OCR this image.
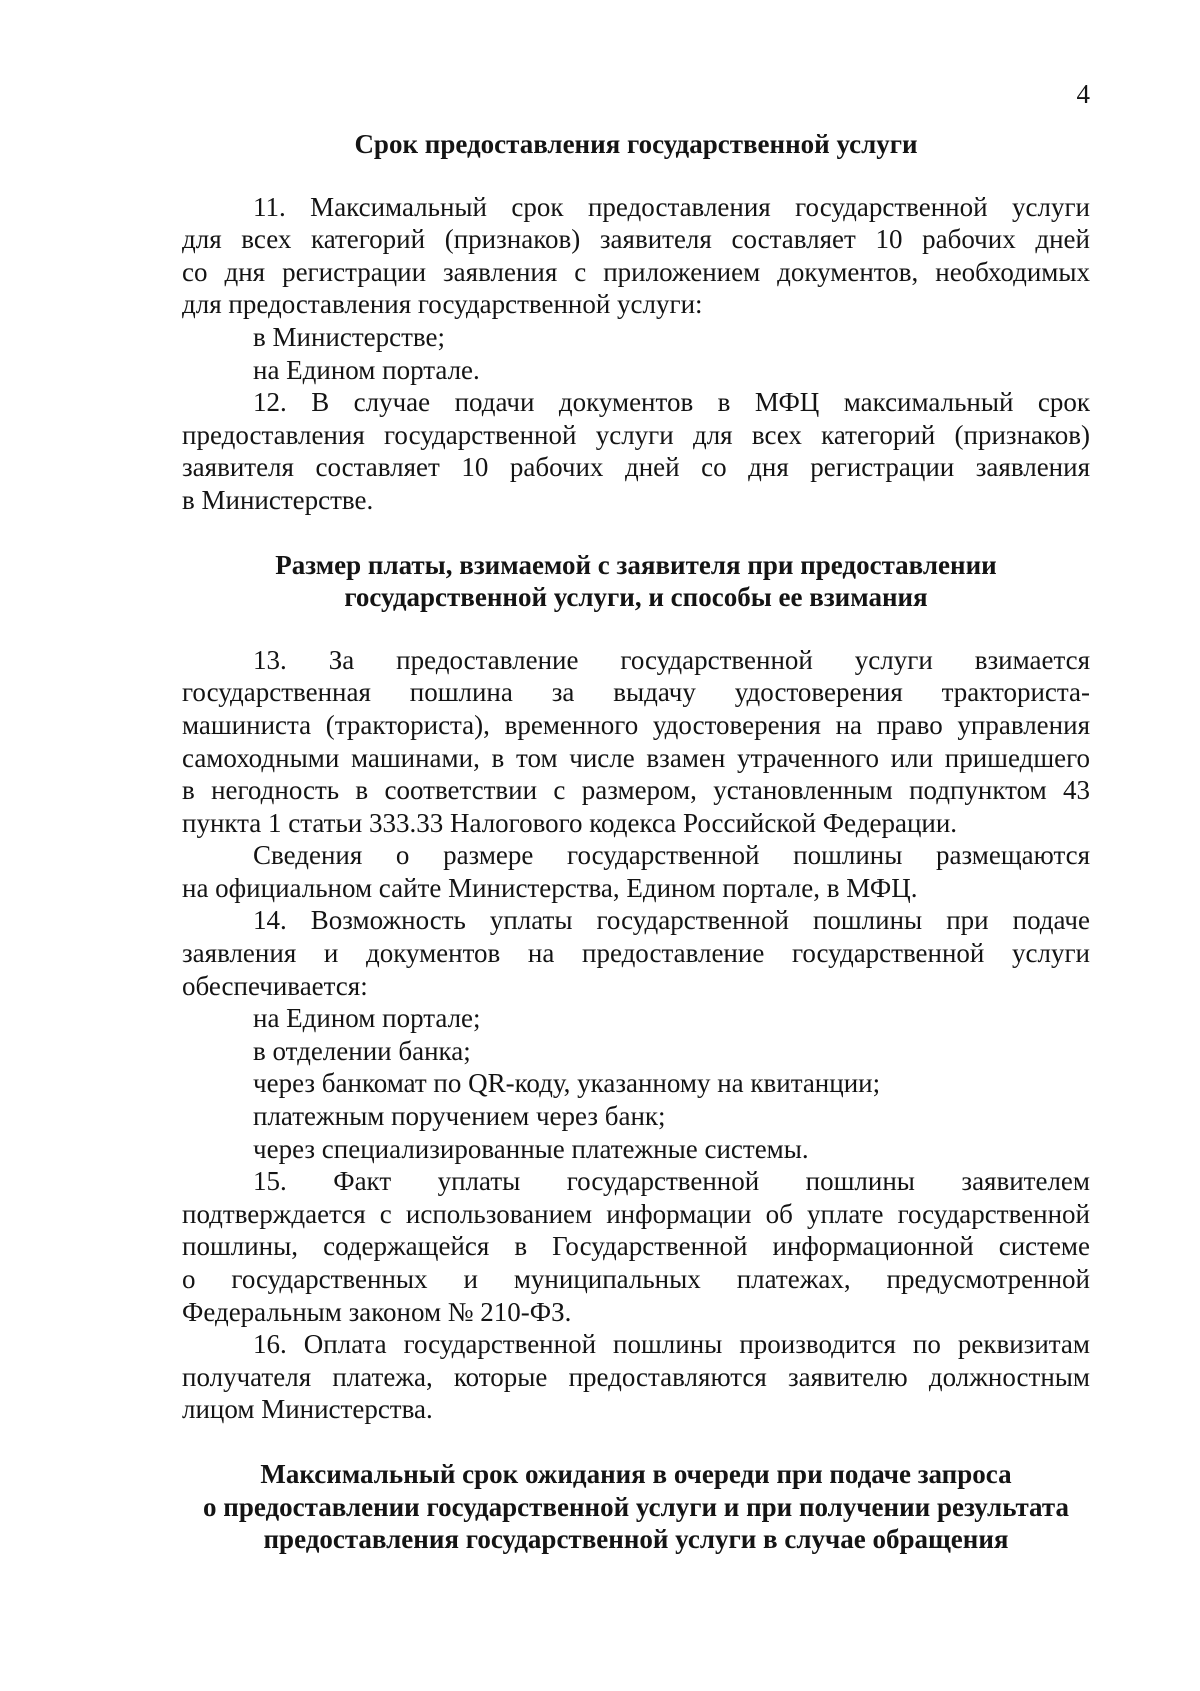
4
Срок предоставления государственной услуги

11. Максимальный срок предоставления государственной услуги
для всех категорий (признаков) заявителя составляет 10 рабочих дней
со дня регистрации заявления с приложением документов, необходимых
для предоставления государственной услуги:

в Министерстве;

на Едином портале.

12. В случае подачи документов в МФЦ максимальный срок
предоставления государственной услуги для всех категорий (признаков)
заявителя составляет 10 рабочих дней со дня регистрации заявления
в Министерстве.

Размер платы, взимаемой с заявителя при предоставлении
государственной услуги, и способы ее взимания

13. За предоставление государственной услуги взимается
государственная пошлина за выдачу удостоверения тракториста-
машиниста (тракториста), временного удостоверения на право управления
самоходными машинами, в том числе взамен утраченного или пришедшего
в негодность в соответствии с размером, установленным подпунктом 43
пункта 1 статьи 333.33 Налогового кодекса Российской Федерации.

Сведения о размере государственной пошлины размещаются
на официальном сайте Министерства, Едином портале, в МФЦ.

14. Возможность уплаты государственной пошлины при подаче
заявления и документов на предоставление государственной услуги
обеспечивается:

на Едином портале;

в отделении банка;

через банкомат по QR-коду, указанному на квитанции;

платежным поручением через банк;

через специализированные платежные системы.

15. Факт уплаты государственной пошлины заявителем
подтверждается с использованием информации об уплате государственной
пошлины, содержащейся в Государственной информационной системе
о государственных и муниципальных платежах, предусмотренной
Федеральным законом № 210-ФЗ.

16. Оплата государственной пошлины производится по реквизитам
получателя платежа, которые предоставляются заявителю должностным
лицом Министерства.

Максимальный срок ожидания в очереди при подаче запроса
о предоставлении государственной услуги и при получении результата
предоставления государственной услуги в случае обращения
